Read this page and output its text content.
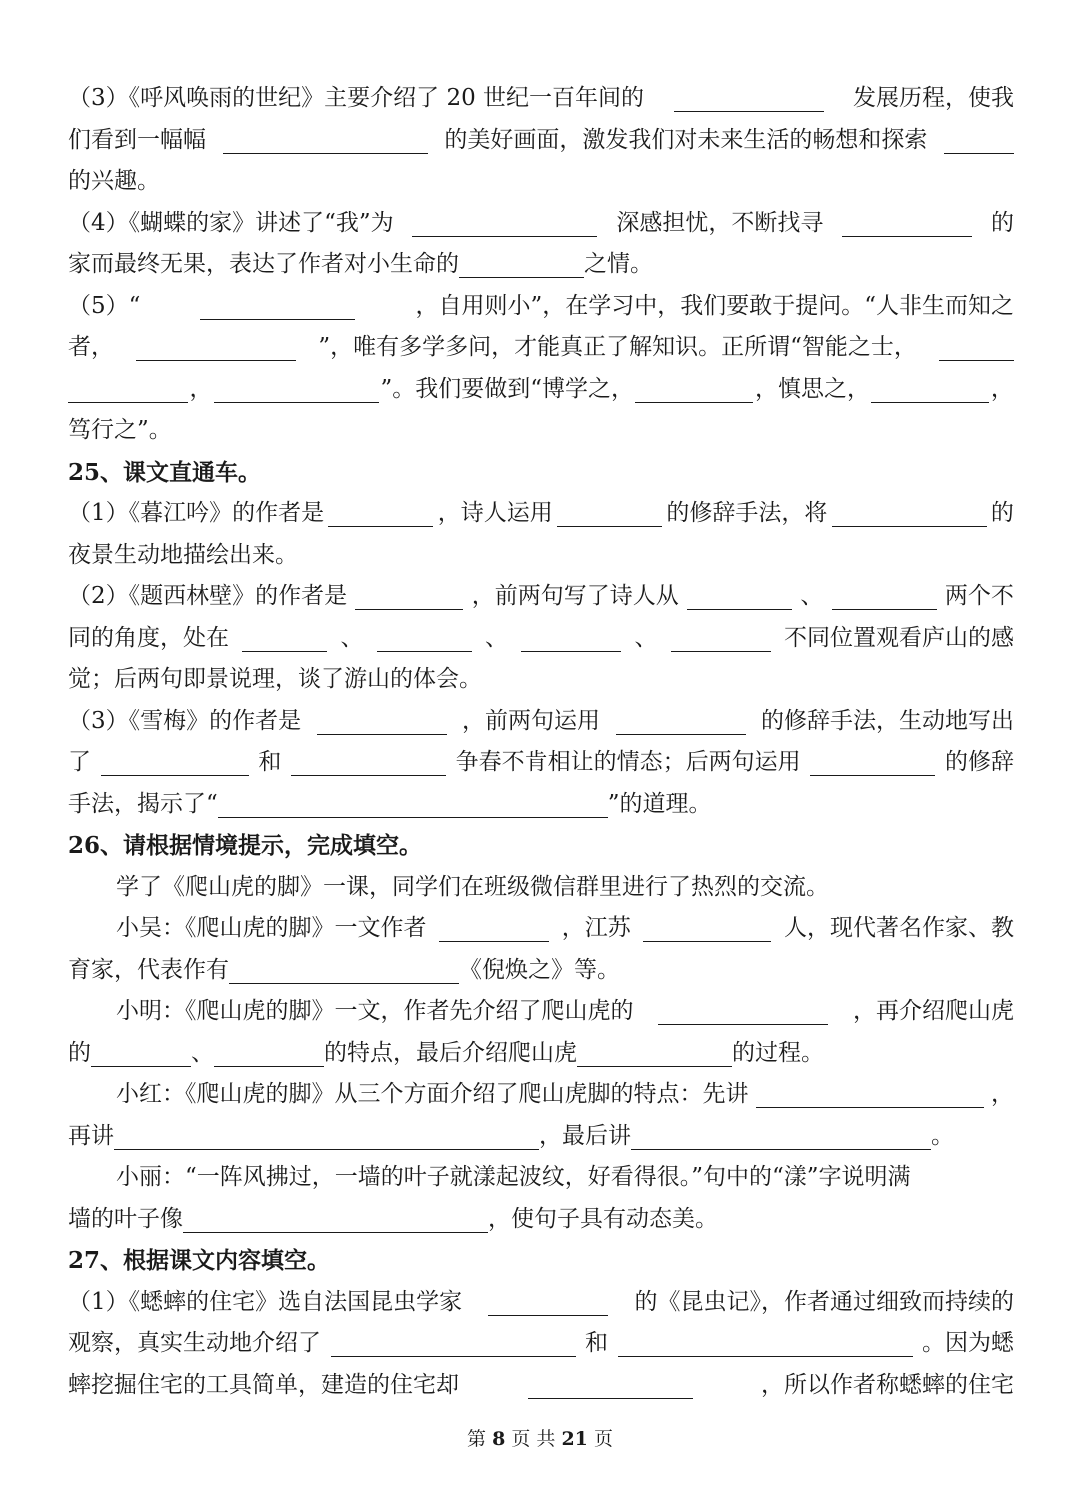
（3）《呼风唤雨的世纪》主要介绍了 20 世纪一百年间的	发展历程，使我
们看到一幅幅	的美好画面，激发我们对未来生活的畅想和探索
的兴趣。
（4）《蝴蝶的家》讲述了“我”为	深感担忧，不断找寻	的
家而最终无果，表达了作者对小生命的	之情。
（5）“	，自用则小”，在学习中，我们要敢于提问。“人非生而知之
者，	”，唯有多学多问，才能真正了解知识。正所谓“智能之士，
，	”。我们要做到“博学之，	，慎思之，	，
笃行之”。
25、课文直通车。
（1）《暮江吟》的作者是	，诗人运用	的修辞手法，将	的
夜景生动地描绘出来。
（2）《题西林壁》的作者是	，前两句写了诗人从	、	两个不
同的角度，处在	、	、	、	不同位置观看庐山的感
觉；后两句即景说理，谈了游山的体会。
（3）《雪梅》的作者是	，前两句运用	的修辞手法，生动地写出
了	和	争春不肯相让的情态；后两句运用	的修辞
手法，揭示了“	”的道理。
26、请根据情境提示，完成填空。
学了《爬山虎的脚》一课，同学们在班级微信群里进行了热烈的交流。
小吴：《爬山虎的脚》一文作者	，江苏	人，现代著名作家、教
育家，代表作有	《倪焕之》等。
小明：《爬山虎的脚》一文，作者先介绍了爬山虎的	，再介绍爬山虎
的	、	的特点，最后介绍爬山虎	的过程。
小红：《爬山虎的脚》从三个方面介绍了爬山虎脚的特点：先讲	，
再讲	，最后讲	。
小丽：“一阵风拂过，一墙的叶子就漾起波纹，好看得很。”句中的“漾”字说明满
墙的叶子像	，使句子具有动态美。
27、根据课文内容填空。
（1）《蟋蟀的住宅》选自法国昆虫学家	的《昆虫记》，作者通过细致而持续的
观察，真实生动地介绍了	和	。因为蟋
蟀挖掘住宅的工具简单，建造的住宅却	，所以作者称蟋蟀的住宅
第 8 页 共 21 页
